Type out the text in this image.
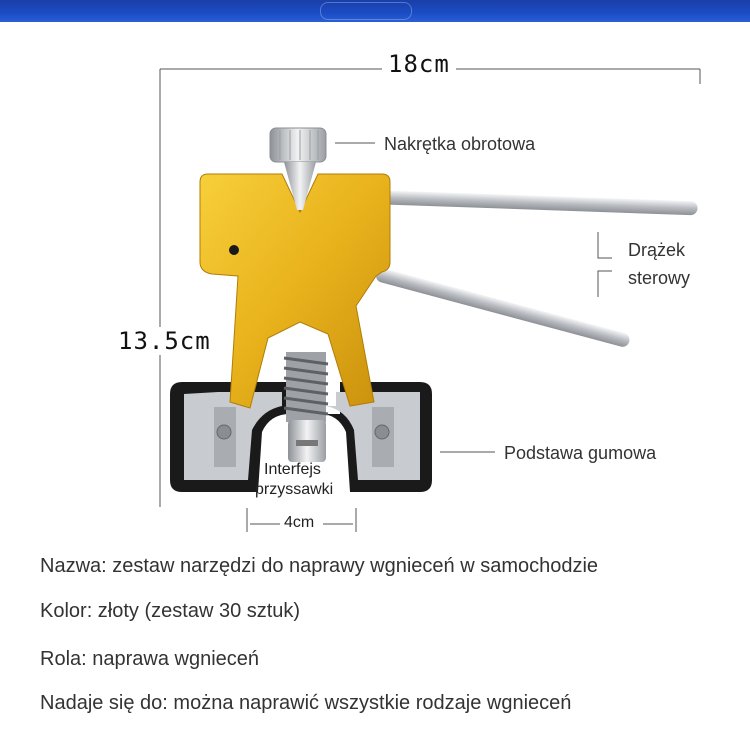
18cm
13.5cm
Nakrętka obrotowa
Drążek
sterowy
Podstawa gumowa
Interfejs
przyssawki
4cm
Nazwa: zestaw narzędzi do naprawy wgnieceń w samochodzie
Kolor: złoty (zestaw 30 sztuk)
Rola: naprawa wgnieceń
Nadaje się do: można naprawić wszystkie rodzaje wgnieceń
